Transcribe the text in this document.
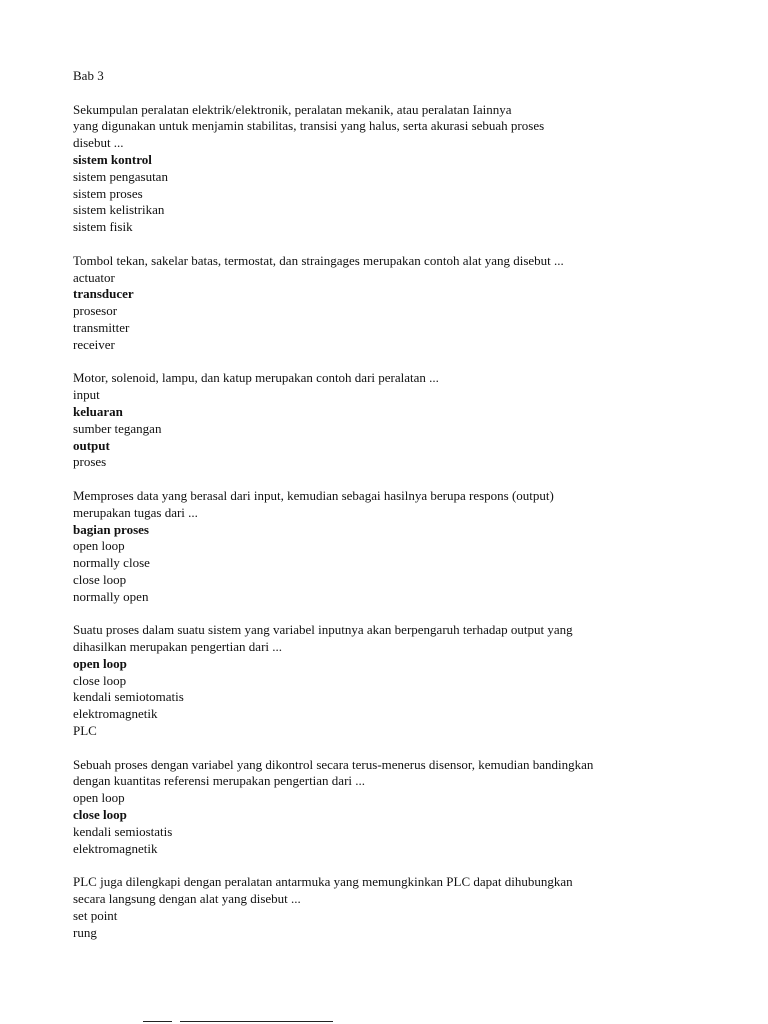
Bab 3

Sekumpulan peralatan elektrik/elektronik, peralatan mekanik, atau peralatan Iainnya
yang digunakan untuk menjamin stabilitas, transisi yang halus, serta akurasi sebuah proses
disebut ...

sistem kontrol
sistem pengasutan
sistem proses
sistem kelistrikan
sistem fisik

Tombol tekan, sakelar batas, termostat, dan straingages merupakan contoh alat yang disebut ...

actuator
transducer
prosesor
transmitter
receiver

Motor, solenoid, lampu, dan katup merupakan contoh dari peralatan ...

input
keluaran
sumber tegangan
output
proses

Memproses data yang berasal dari input, kemudian sebagai hasilnya berupa respons (output)
merupakan tugas dari ...

bagian proses
open loop
normally close
close loop
normally open

Suatu proses dalam suatu sistem yang variabel inputnya akan berpengaruh terhadap output yang
dihasilkan merupakan pengertian dari ...

open loop
close loop
kendali semiotomatis
elektromagnetik
PLC

Sebuah proses dengan variabel yang dikontrol secara terus-menerus disensor, kemudian bandingkan
dengan kuantitas referensi merupakan pengertian dari ...

open loop
close loop
kendali semiostatis
elektromagnetik

PLC juga dilengkapi dengan peralatan antarmuka yang memungkinkan PLC dapat dihubungkan
secara langsung dengan alat yang disebut ...

set point
rung
